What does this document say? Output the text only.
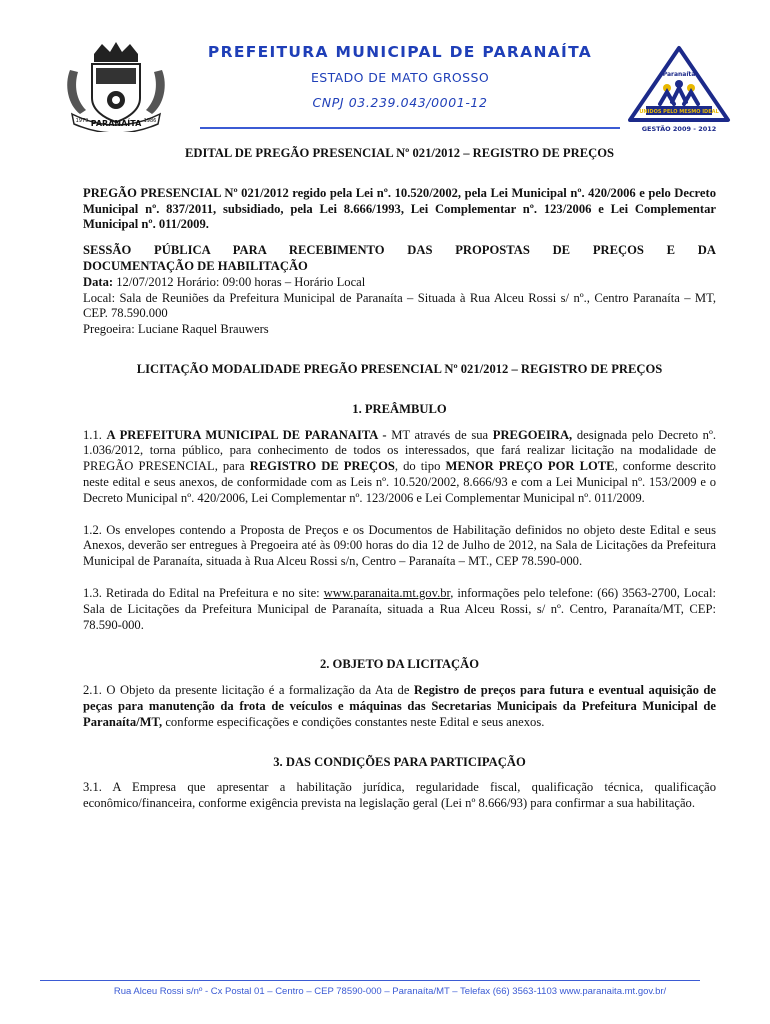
PARANAÍTA
1979	1986
PREFEITURA MUNICIPAL DE PARANAÍTA
ESTADO DE MATO GROSSO
CNPJ 03.239.043/0001-12
Paranaíta
UNIDOS PELO MESMO IDEAL
GESTÃO 2009 - 2012

EDITAL DE PREGÃO PRESENCIAL Nº 021/2012 – REGISTRO DE PREÇOS

PREGÃO PRESENCIAL Nº 021/2012 regido pela Lei nº. 10.520/2002, pela Lei Municipal nº. 420/2006 e pelo Decreto Municipal nº. 837/2011, subsidiado, pela Lei 8.666/1993, Lei Complementar nº. 123/2006 e Lei Complementar Municipal nº. 011/2009.

SESSÃO PÚBLICA PARA RECEBIMENTO DAS PROPOSTAS DE PREÇOS E DA

DOCUMENTAÇÃO DE HABILITAÇÃO

Data: 12/07/2012 Horário: 09:00 horas – Horário Local

Local: Sala de Reuniões da Prefeitura Municipal de Paranaíta – Situada à Rua Alceu Rossi s/ nº., Centro Paranaíta – MT, CEP. 78.590.000

Pregoeira: Luciane Raquel Brauwers

LICITAÇÃO MODALIDADE PREGÃO PRESENCIAL Nº 021/2012 – REGISTRO DE PREÇOS

1. PREÂMBULO

1.1. A PREFEITURA MUNICIPAL DE PARANAITA - MT através de sua PREGOEIRA, designada pelo Decreto nº. 1.036/2012, torna público, para conhecimento de todos os interessados, que fará realizar licitação na modalidade de PREGÃO PRESENCIAL, para REGISTRO DE PREÇOS, do tipo MENOR PREÇO POR LOTE, conforme descrito neste edital e seus anexos, de conformidade com as Leis nº. 10.520/2002, 8.666/93 e com a Lei Municipal nº. 153/2009 e o Decreto Municipal nº. 420/2006, Lei Complementar nº. 123/2006 e Lei Complementar Municipal nº. 011/2009.

1.2. Os envelopes contendo a Proposta de Preços e os Documentos de Habilitação definidos no objeto deste Edital e seus Anexos, deverão ser entregues à Pregoeira até às 09:00 horas do dia 12 de Julho de 2012, na Sala de Licitações da Prefeitura Municipal de Paranaíta, situada à Rua Alceu Rossi s/n, Centro – Paranaíta – MT., CEP 78.590-000.

1.3. Retirada do Edital na Prefeitura e no site: www.paranaita.mt.gov.br, informações pelo telefone: (66) 3563-2700, Local: Sala de Licitações da Prefeitura Municipal de Paranaíta, situada a Rua Alceu Rossi, s/ nº. Centro, Paranaíta/MT, CEP: 78.590-000.

2. OBJETO DA LICITAÇÃO

2.1. O Objeto da presente licitação é a formalização da Ata de Registro de preços para futura e eventual aquisição de peças para manutenção da frota de veículos e máquinas das Secretarias Municipais da Prefeitura Municipal de Paranaíta/MT, conforme especificações e condições constantes neste Edital e seus anexos.

3. DAS CONDIÇÕES PARA PARTICIPAÇÃO

3.1. A Empresa que apresentar a habilitação jurídica, regularidade fiscal, qualificação técnica, qualificação econômico/financeira, conforme exigência prevista na legislação geral (Lei nº 8.666/93) para confirmar a sua habilitação.

Rua Alceu Rossi s/nº - Cx Postal 01 – Centro – CEP 78590-000 – Paranaíta/MT – Telefax (66) 3563-1103 www.paranaita.mt.gov.br/
